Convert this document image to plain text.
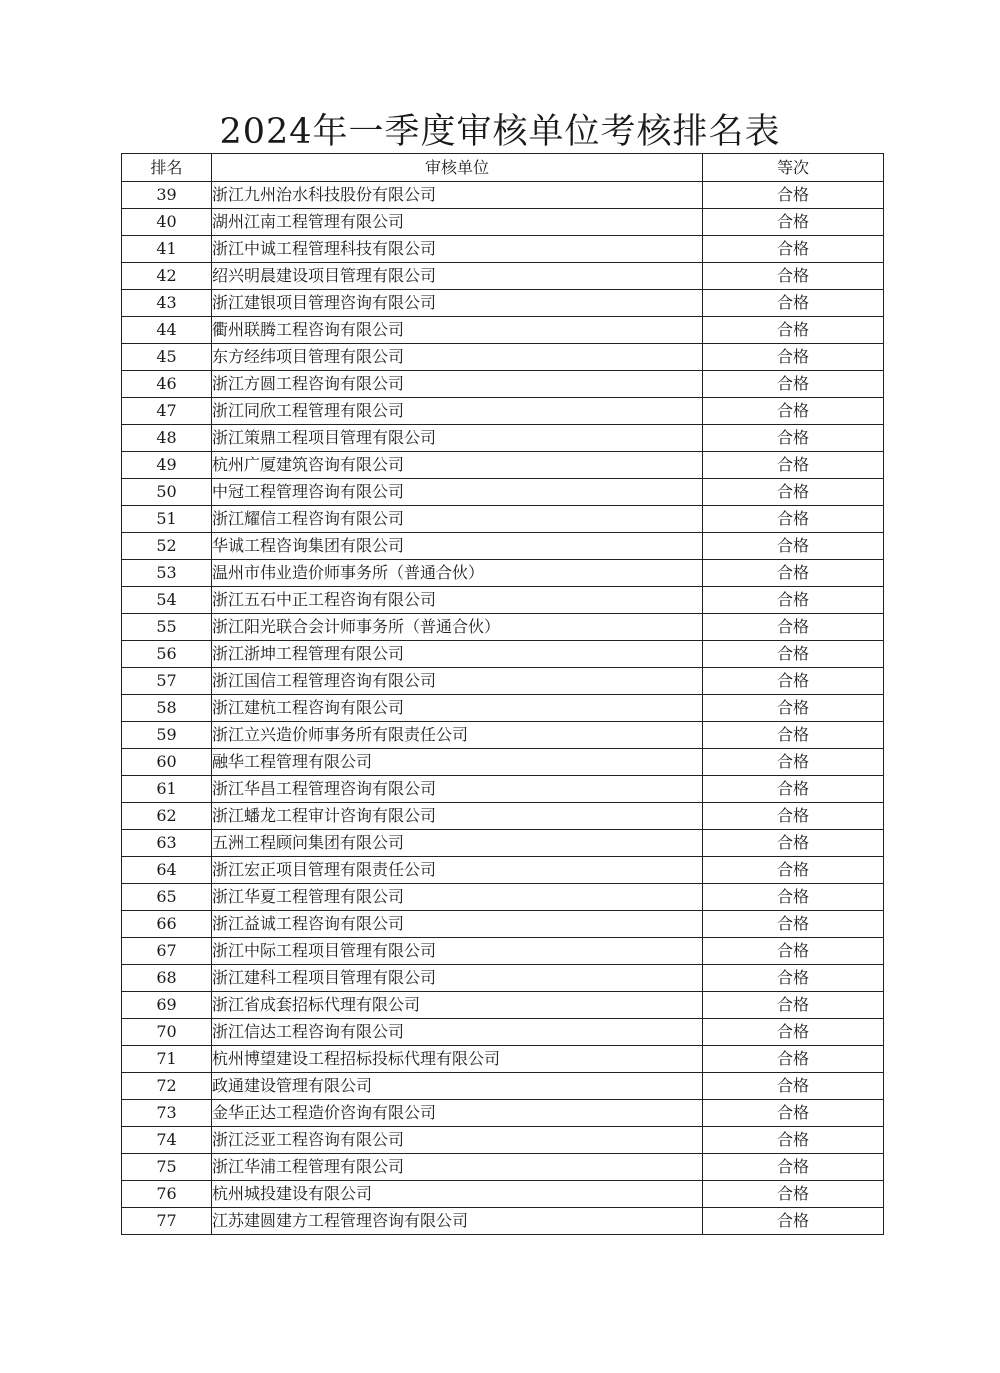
2024年一季度审核单位考核排名表
排名	审核单位	等次
39	浙江九州治水科技股份有限公司	合格
40	湖州江南工程管理有限公司	合格
41	浙江中诚工程管理科技有限公司	合格
42	绍兴明晨建设项目管理有限公司	合格
43	浙江建银项目管理咨询有限公司	合格
44	衢州联腾工程咨询有限公司	合格
45	东方经纬项目管理有限公司	合格
46	浙江方圆工程咨询有限公司	合格
47	浙江同欣工程管理有限公司	合格
48	浙江策鼎工程项目管理有限公司	合格
49	杭州广厦建筑咨询有限公司	合格
50	中冠工程管理咨询有限公司	合格
51	浙江耀信工程咨询有限公司	合格
52	华诚工程咨询集团有限公司	合格
53	温州市伟业造价师事务所（普通合伙）	合格
54	浙江五石中正工程咨询有限公司	合格
55	浙江阳光联合会计师事务所（普通合伙）	合格
56	浙江浙坤工程管理有限公司	合格
57	浙江国信工程管理咨询有限公司	合格
58	浙江建杭工程咨询有限公司	合格
59	浙江立兴造价师事务所有限责任公司	合格
60	融华工程管理有限公司	合格
61	浙江华昌工程管理咨询有限公司	合格
62	浙江蟠龙工程审计咨询有限公司	合格
63	五洲工程顾问集团有限公司	合格
64	浙江宏正项目管理有限责任公司	合格
65	浙江华夏工程管理有限公司	合格
66	浙江益诚工程咨询有限公司	合格
67	浙江中际工程项目管理有限公司	合格
68	浙江建科工程项目管理有限公司	合格
69	浙江省成套招标代理有限公司	合格
70	浙江信达工程咨询有限公司	合格
71	杭州博望建设工程招标投标代理有限公司	合格
72	政通建设管理有限公司	合格
73	金华正达工程造价咨询有限公司	合格
74	浙江泛亚工程咨询有限公司	合格
75	浙江华浦工程管理有限公司	合格
76	杭州城投建设有限公司	合格
77	江苏建圆建方工程管理咨询有限公司	合格
